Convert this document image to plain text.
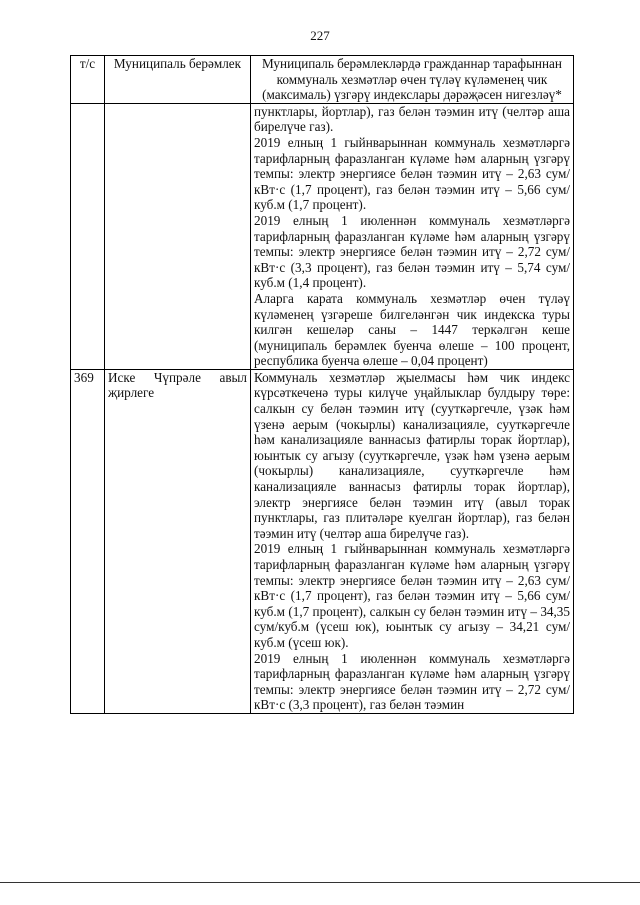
227
т/с	Муниципаль берәмлек	Муниципаль берәмлекләрдә гражданнар тарафыннан коммуналь хезмәтләр өчен түләү күләменең чик (максималь) үзгәрү индекслары дәрәҗәсен нигезләү*

		пунктлары, йортлар), газ белән тәэмин итү (челтәр аша бирелүче газ).

2019 елның 1 гыйнварыннан коммуналь хезмәтләргә тарифларның фаразланган күләме һәм аларның үзгәрү темпы: электр энергиясе белән тәэмин итү – 2,63 сум/кВт·с (1,7 процент), газ белән тәэмин итү – 5,66 сум/куб.м (1,7 процент).

2019 елның 1 июленнән коммуналь хезмәтләргә тарифларның фаразланган күләме һәм аларның үзгәрү темпы: электр энергиясе белән тәэмин итү – 2,72 сум/кВт·с (3,3 процент), газ белән тәэмин итү – 5,74 сум/куб.м (1,4 процент).

Аларга карата коммуналь хезмәтләр өчен түләү күләменең үзгәреше билгеләнгән чик индекска туры килгән кешеләр саны – 1447 теркәлгән кеше (муниципаль берәмлек буенча өлеше – 100 процент, республика буенча өлеше – 0,04 процент)

369	Иске Чүпрәле авыл җирлеге	Коммуналь хезмәтләр җыелмасы һәм чик индекс күрсәткеченә туры килүче уңайлыклар булдыру төре: салкын су белән тәэмин итү (сууткәргечле, үзәк һәм үзенә аерым (чокырлы) канализацияле, сууткәргечле һәм канализацияле ваннасыз фатирлы торак йортлар), юынтык су агызу (сууткәргечле, үзәк һәм үзенә аерым (чокырлы) канализацияле, сууткәргечле һәм канализацияле ваннасыз фатирлы торак йортлар), электр энергиясе белән тәэмин итү (авыл торак пунктлары, газ плитәләре куелган йортлар), газ белән тәэмин итү (челтәр аша бирелүче газ).

2019 елның 1 гыйнварыннан коммуналь хезмәтләргә тарифларның фаразланган күләме һәм аларның үзгәрү темпы: электр энергиясе белән тәэмин итү – 2,63 сум/кВт·с (1,7 процент), газ белән тәэмин итү – 5,66 сум/куб.м (1,7 процент), салкын су белән тәэмин итү – 34,35 сум/куб.м (үсеш юк), юынтык су агызу – 34,21 сум/куб.м (үсеш юк).

2019 елның 1 июленнән коммуналь хезмәтләргә тарифларның фаразланган күләме һәм аларның үзгәрү темпы: электр энергиясе белән тәэмин итү – 2,72 сум/кВт·с (3,3 процент), газ белән тәэмин
